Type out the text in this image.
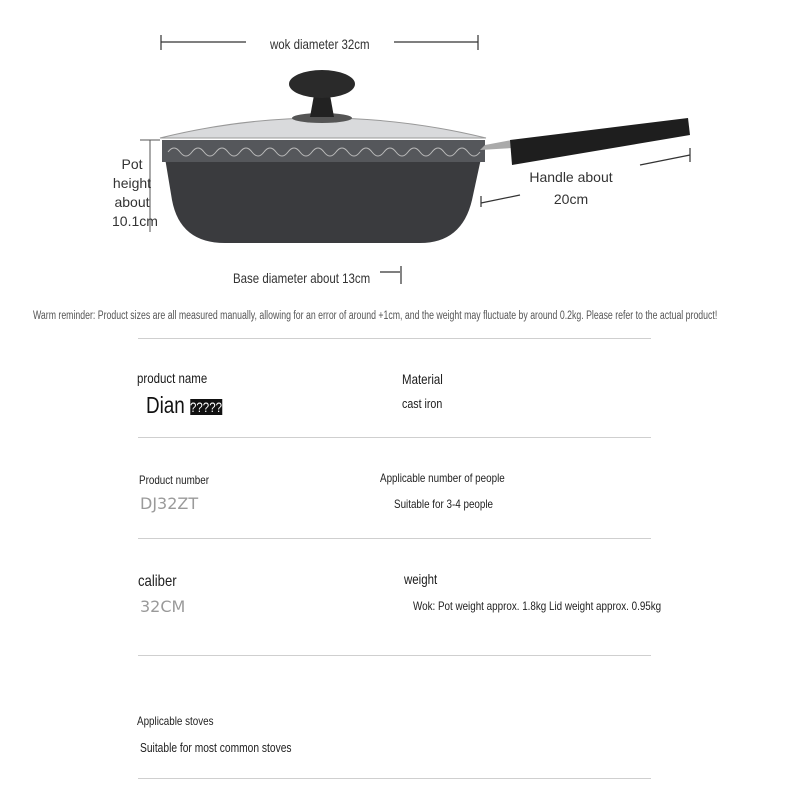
wok diameter 32cm
Pot
height
about
10.1cm
Handle about
20cm
Base diameter about 13cm
Warm reminder: Product sizes are all measured manually, allowing for an error of around +1cm, and the weight may fluctuate by around 0.2kg. Please refer to the actual product!
product name
Dian ?????
Material
cast iron
Product number
DJ32ZT
Applicable number of people
Suitable for 3-4 people
caliber
32CM
weight
Wok: Pot weight approx. 1.8kg Lid weight approx. 0.95kg
Applicable stoves
Suitable for most common stoves
